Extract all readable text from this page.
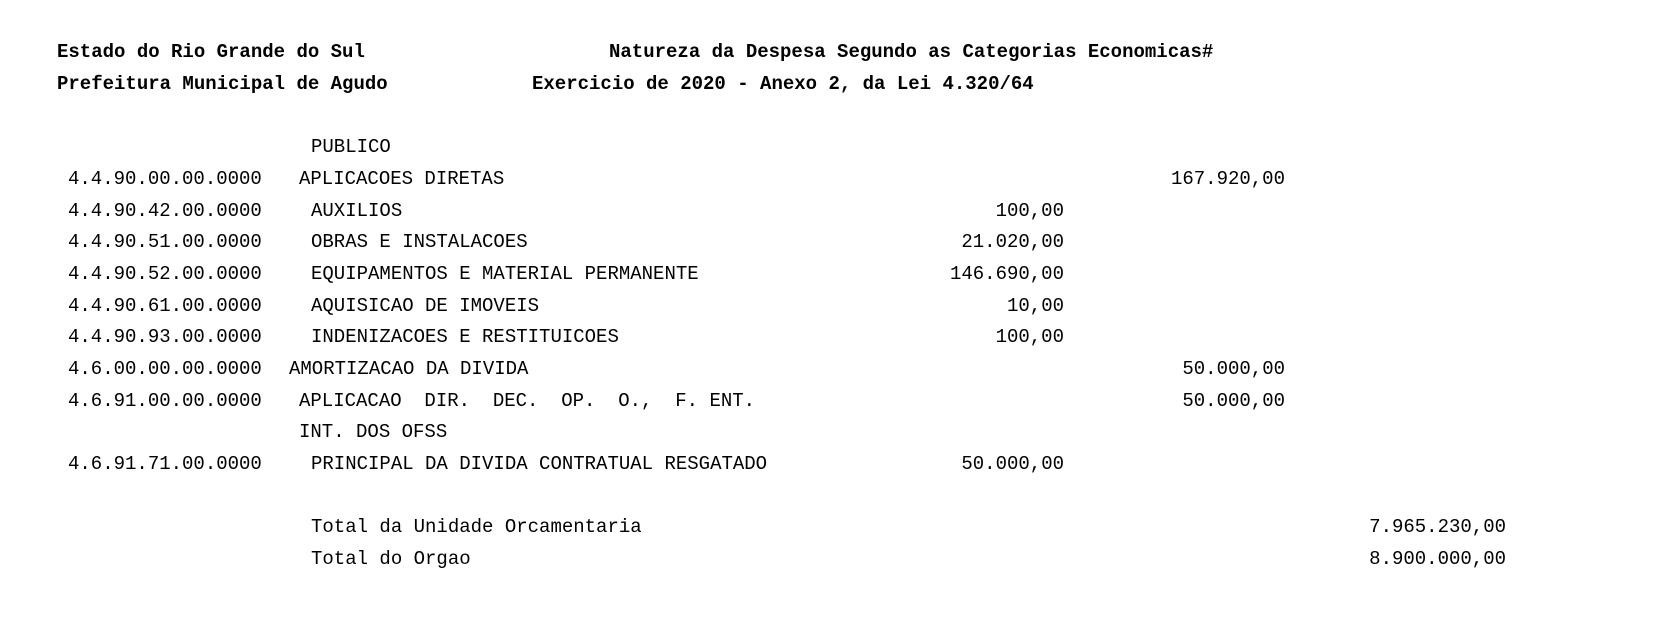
Estado do Rio Grande do Sul	Natureza da Despesa Segundo as Categorias Economicas#
Prefeitura Municipal de Agudo	Exercicio de 2020 - Anexo 2, da Lei 4.320/64
PUBLICO
4.4.90.00.00.0000 APLICACOES DIRETAS	167.920,00
4.4.90.42.00.0000	AUXILIOS	100,00
4.4.90.51.00.0000	OBRAS E INSTALACOES	21.020,00
4.4.90.52.00.0000	EQUIPAMENTOS E MATERIAL PERMANENTE	146.690,00
4.4.90.61.00.0000	AQUISICAO DE IMOVEIS	10,00
4.4.90.93.00.0000	INDENIZACOES E RESTITUICOES	100,00
4.6.00.00.00.0000 AMORTIZACAO DA DIVIDA	50.000,00
4.6.91.00.00.0000 APLICACAO  DIR.  DEC.  OP.  O.,  F. ENT.	50.000,00
INT. DOS OFSS
4.6.91.71.00.0000	PRINCIPAL DA DIVIDA CONTRATUAL RESGATADO	50.000,00
Total da Unidade Orcamentaria	7.965.230,00
Total do Orgao	8.900.000,00
